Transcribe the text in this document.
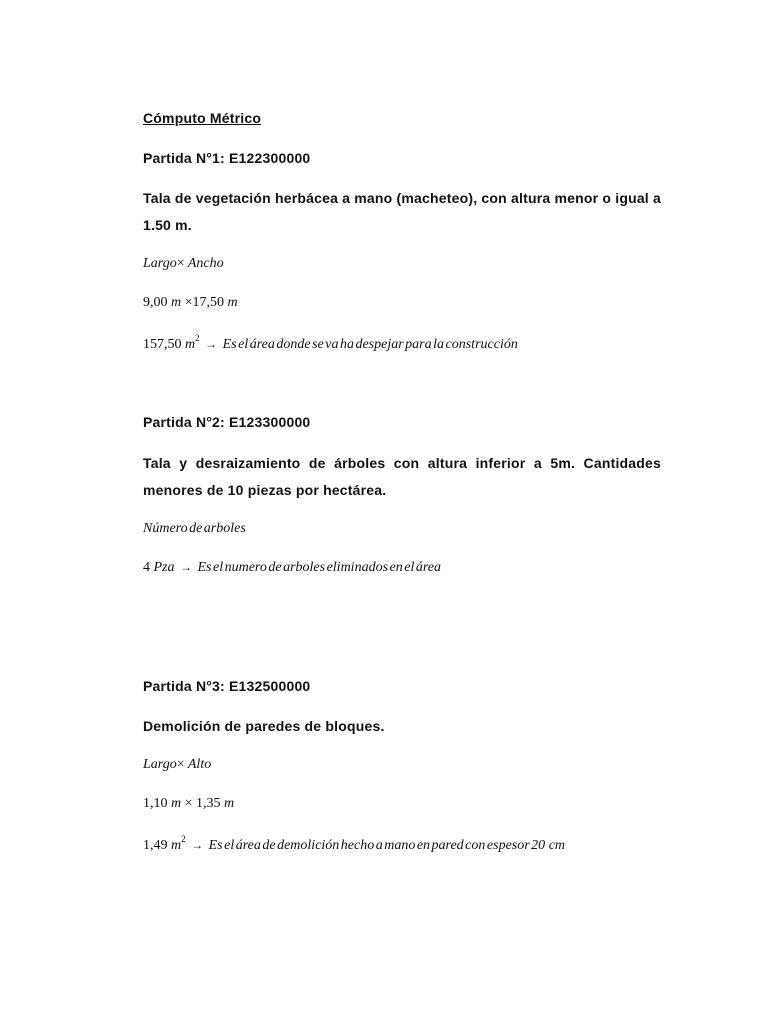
Cómputo Métrico
Partida N°1: E122300000
Tala de vegetación herbácea a mano (macheteo), con altura menor o igual a 1.50 m.
Largo× Ancho
9,00 m ×17,50 m
157,50 $m^2 \to Es$ el área donde se va ha despejar para la construcción
Partida N°2: E123300000
Tala y desraizamiento de árboles con altura inferior a 5m. Cantidades menores de 10 piezas por hectárea.
Número de arboles
4 Pza → Es el numero de arboles eliminados en el área
Partida N°3: E132500000
Demolición de paredes de bloques.
Largo× Alto
1,10 m × 1,35 m
1,49 $m^2 \to Es$ el área de demolición hecho a mano en pared con espesor 20 cm
